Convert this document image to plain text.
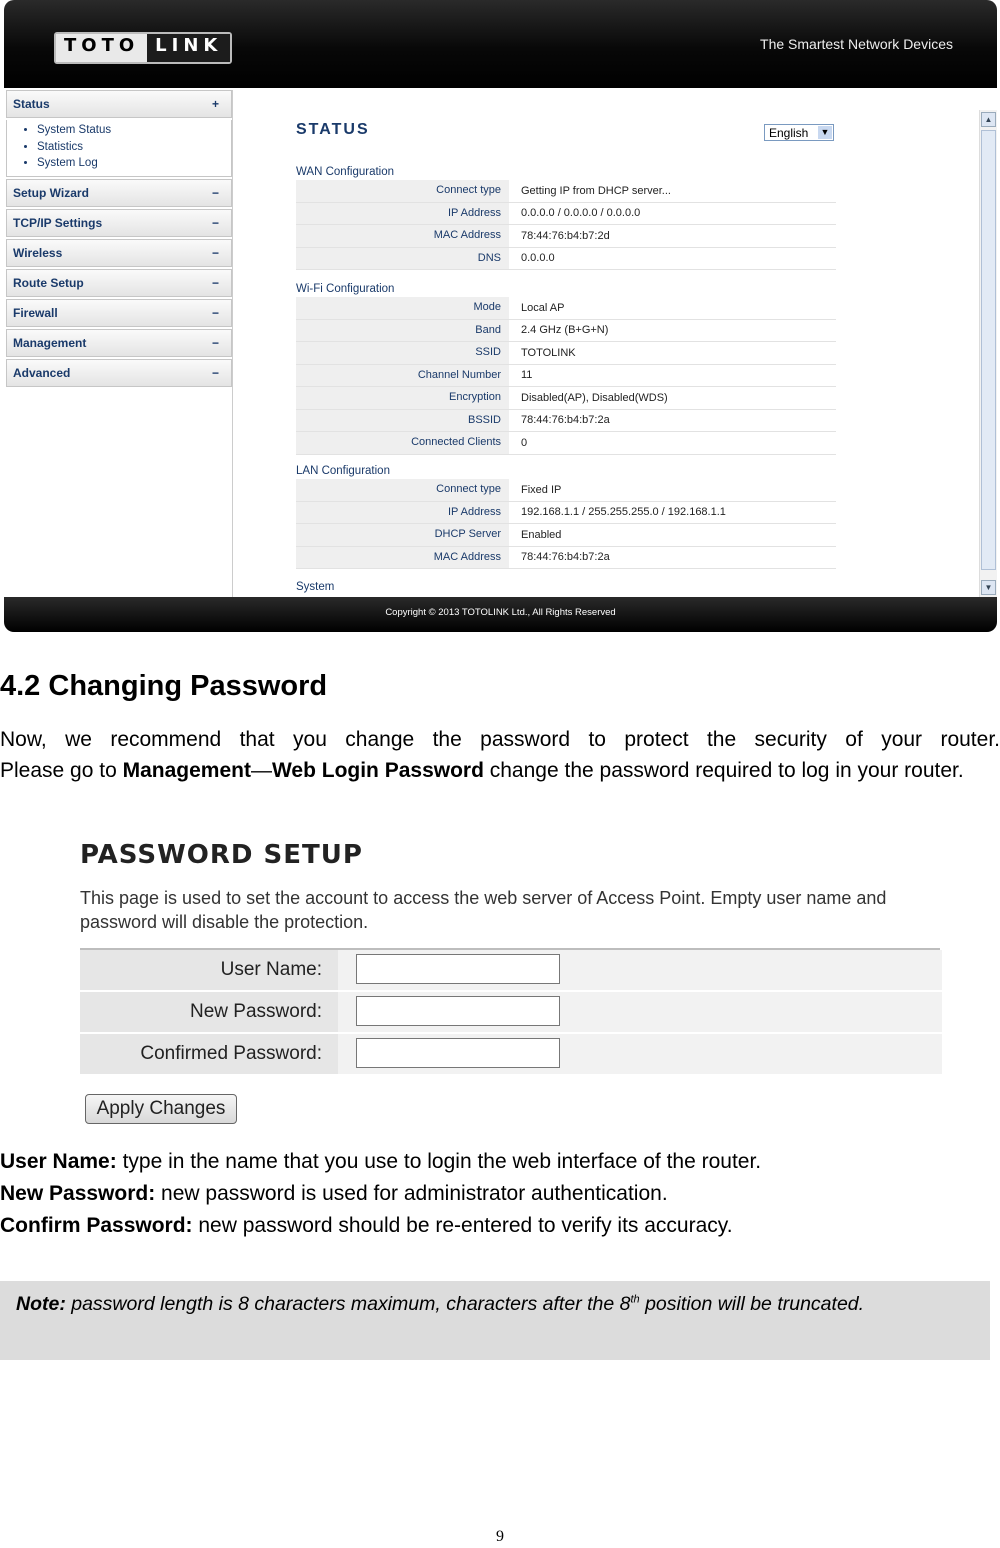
TOTO LINK	The Smartest Network Devices
Status	+
• System Status
• Statistics
• System Log
Setup Wizard	−
TCP/IP Settings	−
Wireless	−
Route Setup	−
Firewall	−
Management	−
Advanced	−
STATUS	English ▼
WAN Configuration
Connect type	Getting IP from DHCP server...
IP Address	0.0.0.0 / 0.0.0.0 / 0.0.0.0
MAC Address	78:44:76:b4:b7:2d
DNS	0.0.0.0
Wi-Fi Configuration
Mode	Local AP
Band	2.4 GHz (B+G+N)
SSID	TOTOLINK
Channel Number	11
Encryption	Disabled(AP), Disabled(WDS)
BSSID	78:44:76:b4:b7:2a
Connected Clients	0
LAN Configuration
Connect type	Fixed IP
IP Address	192.168.1.1 / 255.255.255.0 / 192.168.1.1
DHCP Server	Enabled
MAC Address	78:44:76:b4:b7:2a
System
▲
▼
Copyright © 2013 TOTOLINK Ltd., All Rights Reserved
4.2 Changing Password
Now, we recommend that you change the password to protect the security of your router.
Please go to Management—Web Login Password change the password required to log in your router.
PASSWORD SETUP
This page is used to set the account to access the web server of Access Point. Empty user name and password will disable the protection.
User Name:
New Password:
Confirmed Password:
Apply Changes
User Name: type in the name that you use to login the web interface of the router.
New Password: new password is used for administrator authentication.
Confirm Password: new password should be re-entered to verify its accuracy.

Note: password length is 8 characters maximum, characters after the 8th position will be truncated.

9
